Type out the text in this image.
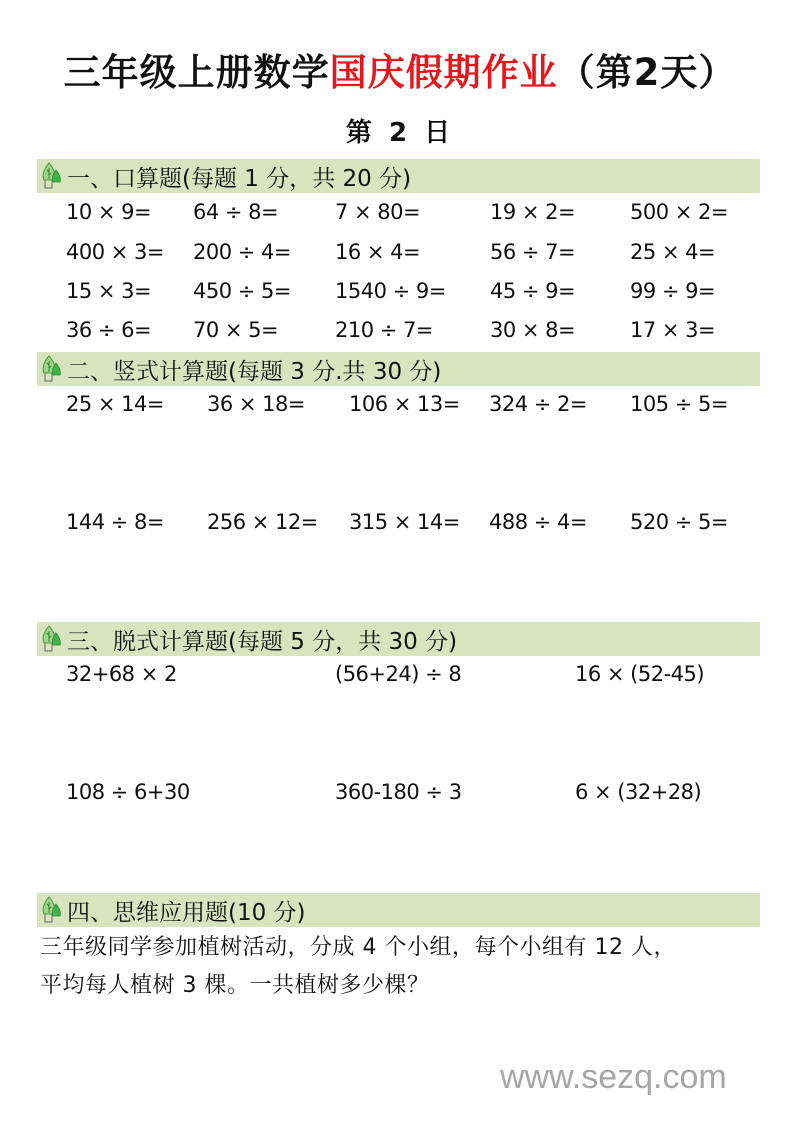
三年级上册数学国庆假期作业（第2天）
第 2 日
一、口算题(每题 1 分，共 20 分)
10 × 9= 64 ÷ 8=	7 × 80=	19 × 2=	500 × 2=
400 × 3= 200 ÷ 4= 16 × 4=	56 ÷ 7=	25 × 4=
15 × 3= 450 ÷ 5= 1540 ÷ 9= 45 ÷ 9=	99 ÷ 9=
36 ÷ 6= 70 × 5=	210 ÷ 7=	30 × 8=	17 × 3=
二、竖式计算题(每题 3 分.共 30 分)
25 × 14= 36 × 18= 106 × 13= 324 ÷ 2= 105 ÷ 5=
144 ÷ 8= 256 × 12= 315 × 14= 488 ÷ 4= 520 ÷ 5=
三、脱式计算题(每题 5 分，共 30 分)
32+68 × 2	(56+24) ÷ 8	16 × (52-45)
108 ÷ 6+30	360-180 ÷ 3	6 × (32+28)
四、思维应用题(10 分)
三年级同学参加植树活动，分成 4 个小组，每个小组有 12 人，
平均每人植树 3 棵。一共植树多少棵？
www.sezq.com
